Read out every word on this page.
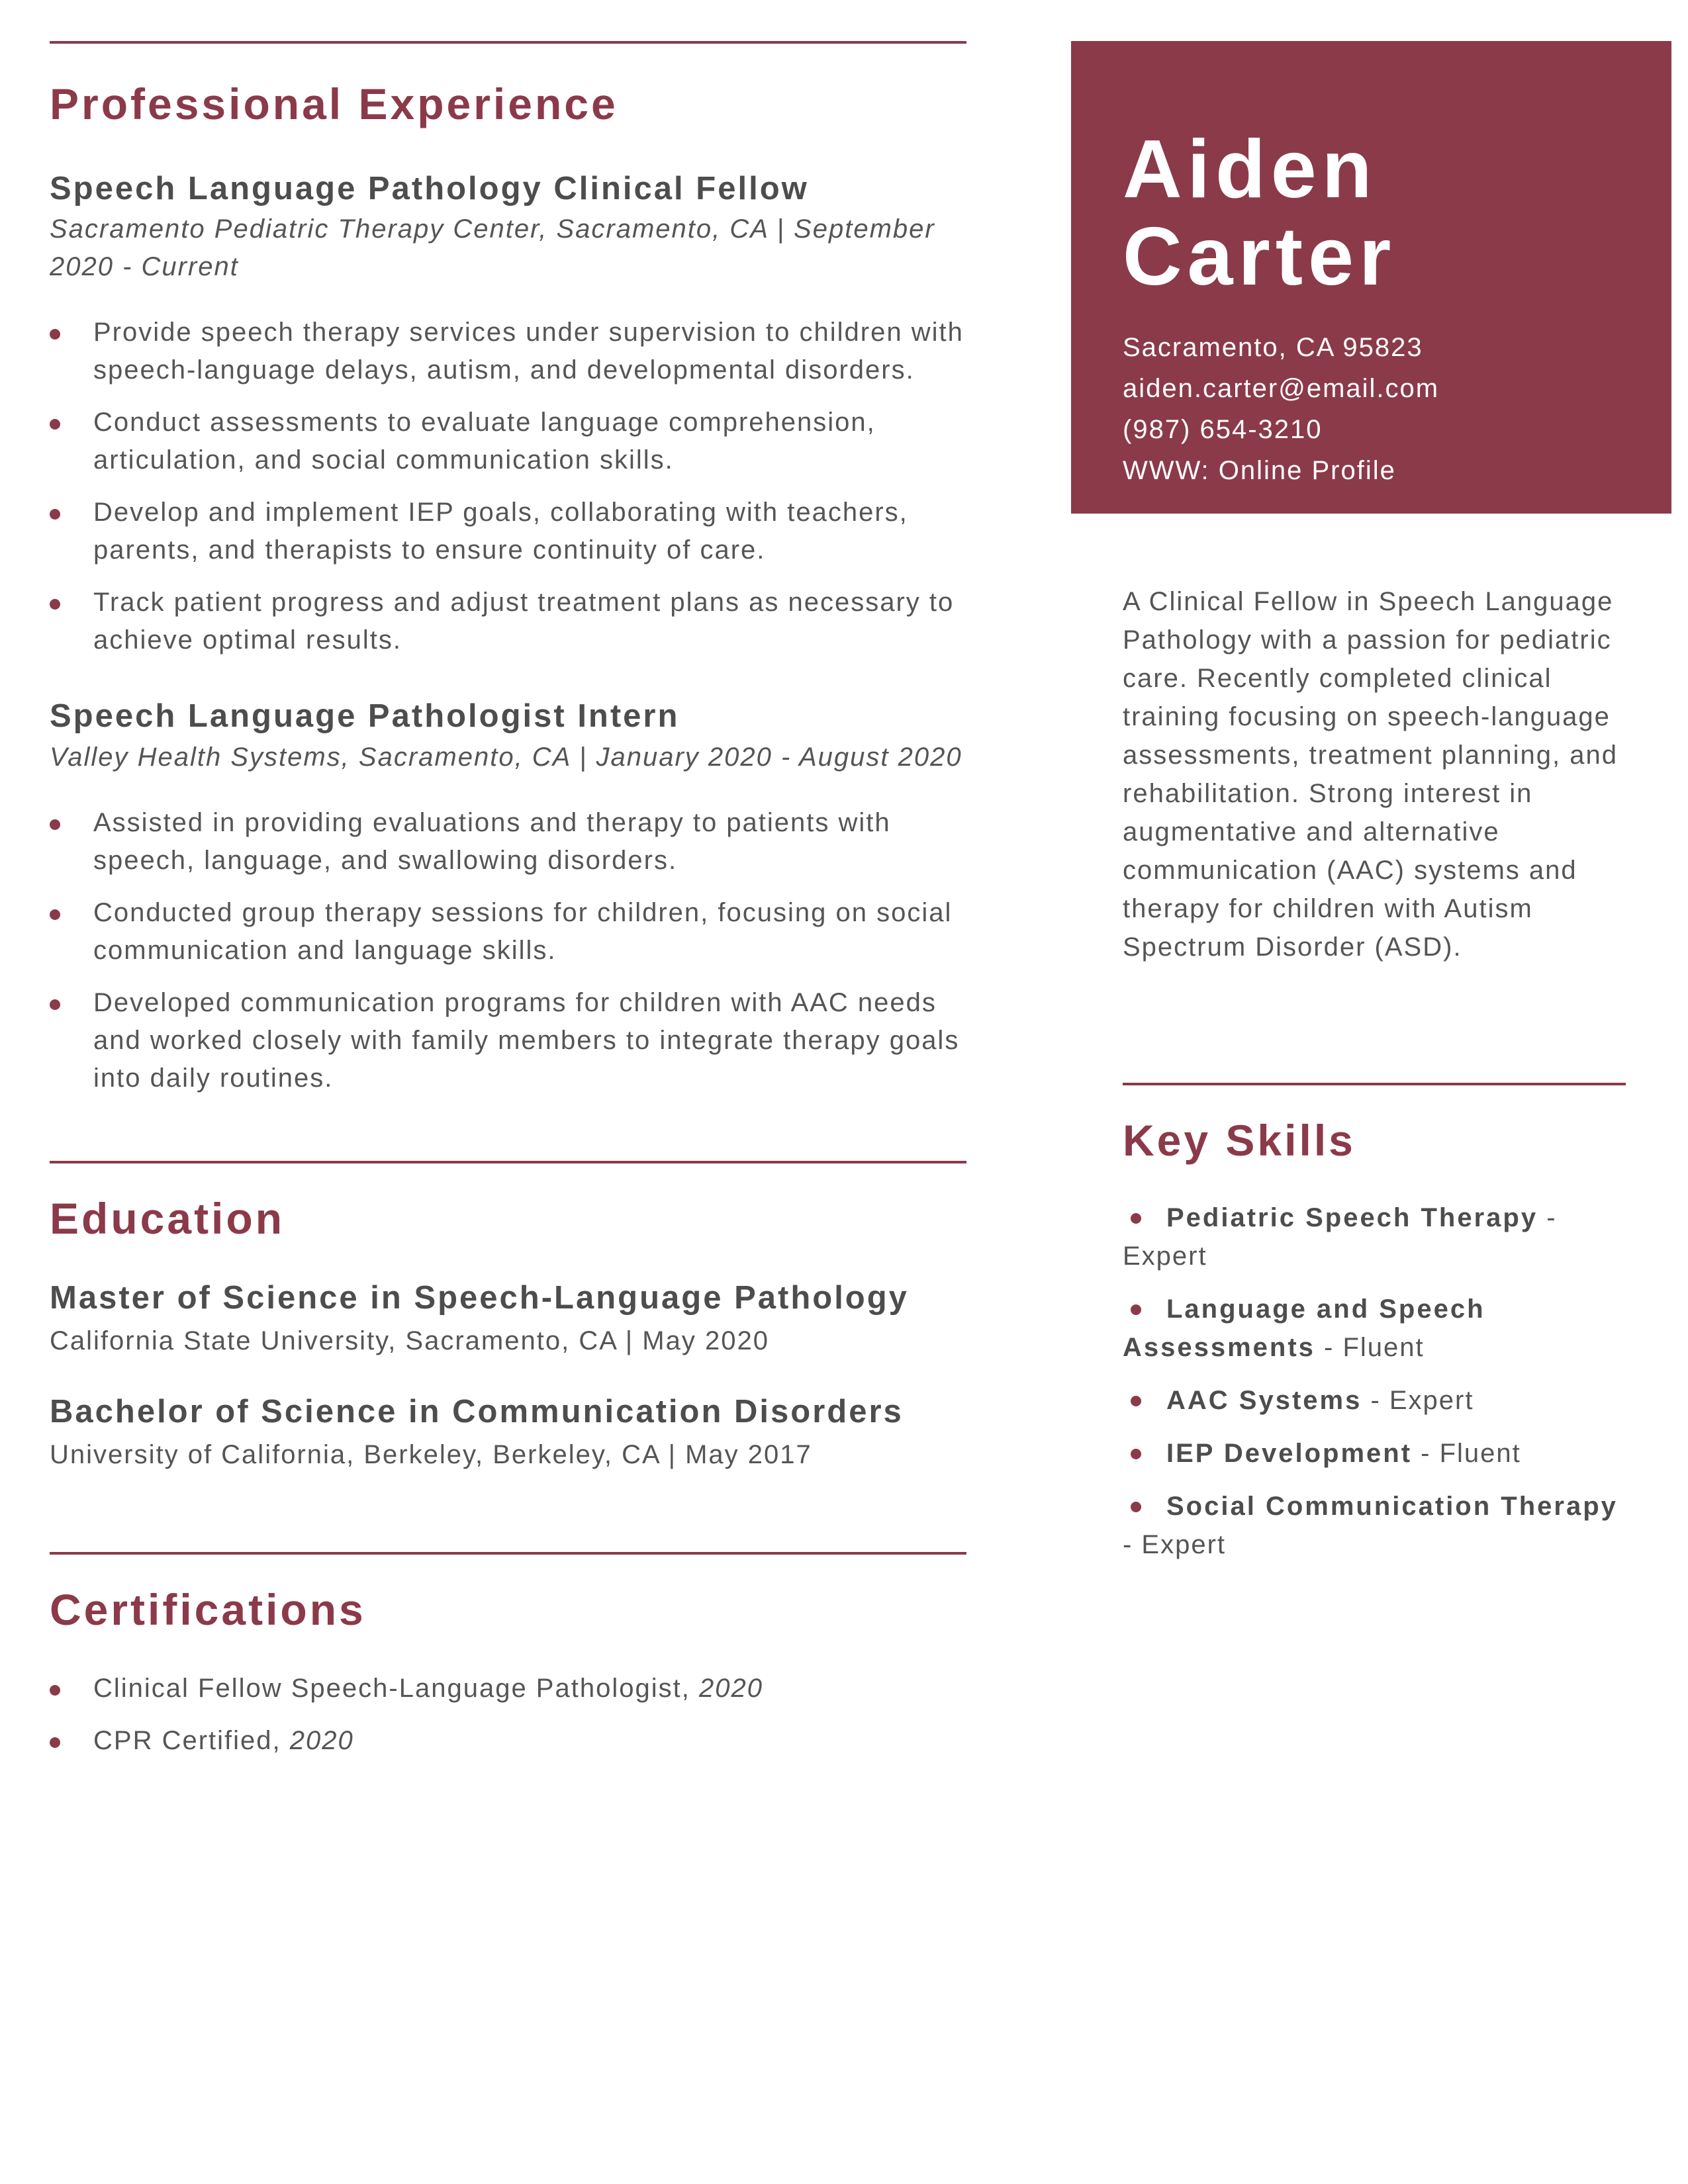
Professional Experience
Speech Language Pathology Clinical Fellow

Sacramento Pediatric Therapy Center, Sacramento, CA | September 2020 - Current

Provide speech therapy services under supervision to children with speech-language delays, autism, and developmental disorders.
Conduct assessments to evaluate language comprehension, articulation, and social communication skills.
Develop and implement IEP goals, collaborating with teachers, parents, and therapists to ensure continuity of care.
Track patient progress and adjust treatment plans as necessary to achieve optimal results.
Speech Language Pathologist Intern

Valley Health Systems, Sacramento, CA | January 2020 - August 2020

Assisted in providing evaluations and therapy to patients with speech, language, and swallowing disorders.
Conducted group therapy sessions for children, focusing on social communication and language skills.
Developed communication programs for children with AAC needs and worked closely with family members to integrate therapy goals into daily routines.
Education
Master of Science in Speech-Language Pathology

California State University, Sacramento, CA | May 2020

Bachelor of Science in Communication Disorders

University of California, Berkeley, Berkeley, CA | May 2017

Certifications
Clinical Fellow Speech-Language Pathologist, 2020
CPR Certified, 2020

Aiden

Carter

Sacramento, CA 95823
aiden.carter@email.com
(987) 654-3210
WWW: Online Profile
A Clinical Fellow in Speech Language Pathology with a passion for pediatric care. Recently completed clinical training focusing on speech-language assessments, treatment planning, and rehabilitation. Strong interest in augmentative and alternative communication (AAC) systems and therapy for children with Autism Spectrum Disorder (ASD).
Key Skills
Pediatric Speech Therapy - Expert
Language and Speech Assessments - Fluent
AAC Systems - Expert
IEP Development - Fluent
Social Communication Therapy - Expert
